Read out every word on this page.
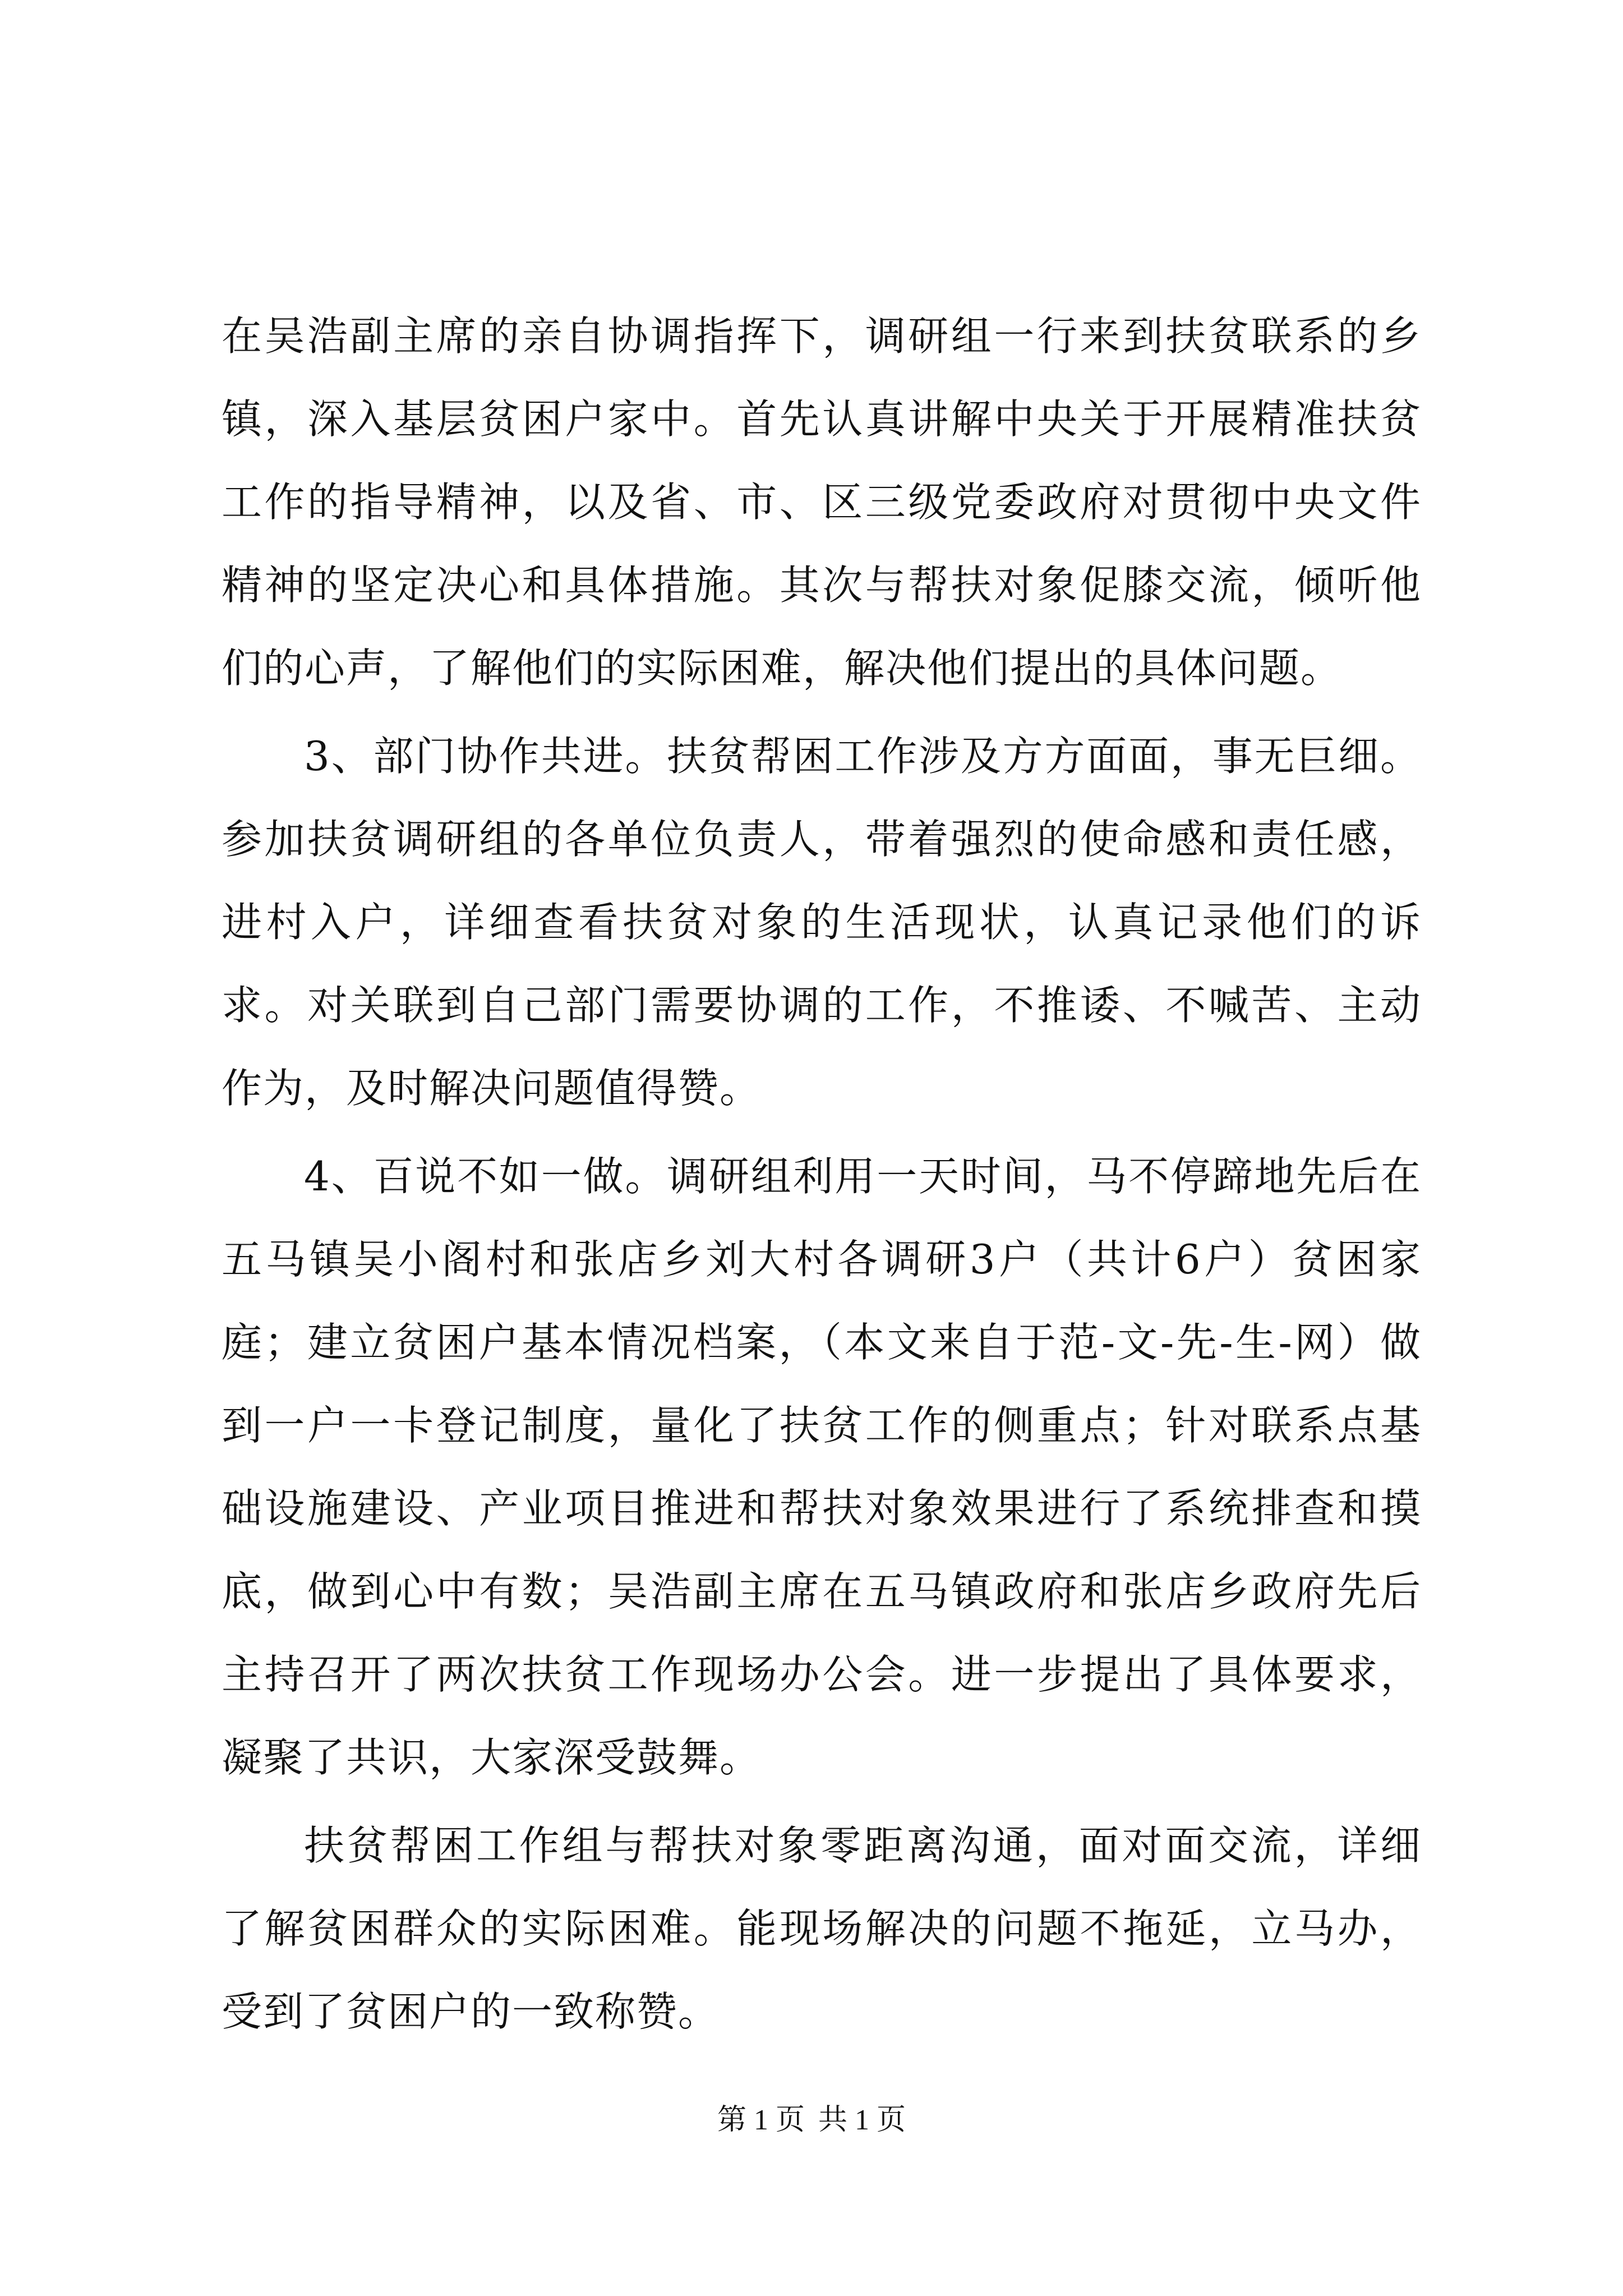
在吴浩副主席的亲自协调指挥下，调研组一行来到扶贫联系的乡镇，深入基层贫困户家中。首先认真讲解中央关于开展精准扶贫工作的指导精神，以及省、市、区三级党委政府对贯彻中央文件精神的坚定决心和具体措施。其次与帮扶对象促膝交流，倾听他们的心声，了解他们的实际困难，解决他们提出的具体问题。

3、部门协作共进。扶贫帮困工作涉及方方面面，事无巨细。参加扶贫调研组的各单位负责人，带着强烈的使命感和责任感，进村入户，详细查看扶贫对象的生活现状，认真记录他们的诉求。对关联到自己部门需要协调的工作，不推诿、不喊苦、主动作为，及时解决问题值得赞。

4、百说不如一做。调研组利用一天时间，马不停蹄地先后在五马镇吴小阁村和张店乡刘大村各调研3户（共计6户）贫困家庭；建立贫困户基本情况档案，（本文来自于范-文-先-生-网）做到一户一卡登记制度，量化了扶贫工作的侧重点；针对联系点基础设施建设、产业项目推进和帮扶对象效果进行了系统排查和摸底，做到心中有数；吴浩副主席在五马镇政府和张店乡政府先后主持召开了两次扶贫工作现场办公会。进一步提出了具体要求，凝聚了共识，大家深受鼓舞。

扶贫帮困工作组与帮扶对象零距离沟通，面对面交流，详细了解贫困群众的实际困难。能现场解决的问题不拖延，立马办，受到了贫困户的一致称赞。

第 1 页 共 1 页
